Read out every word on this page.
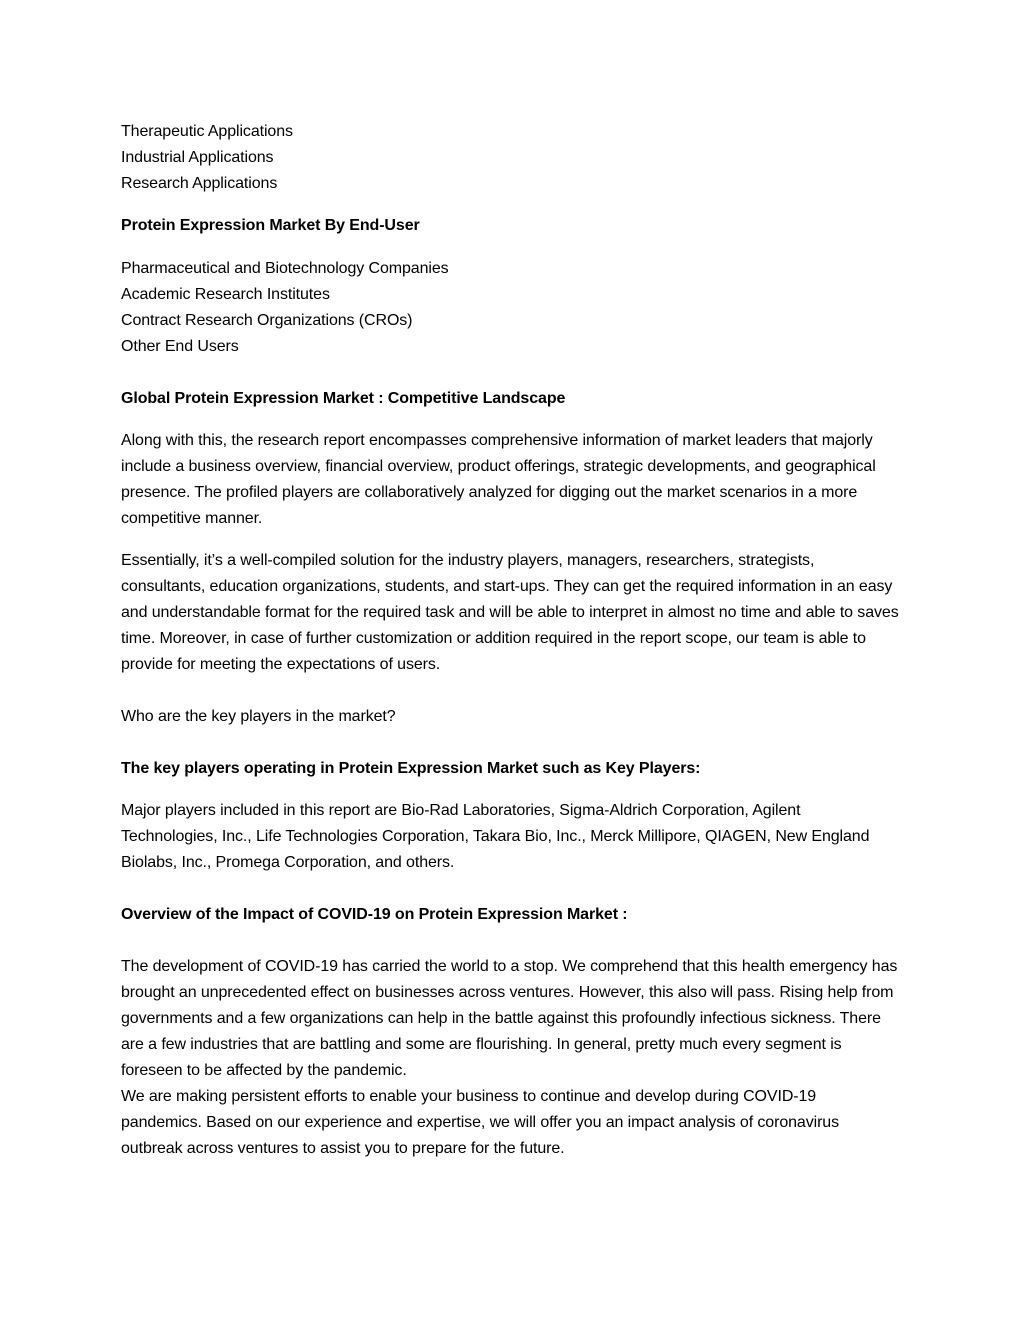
Therapeutic Applications

Industrial Applications

Research Applications

Protein Expression Market By End-User

Pharmaceutical and Biotechnology Companies

Academic Research Institutes

Contract Research Organizations (CROs)

Other End Users

Global Protein Expression Market : Competitive Landscape

Along with this, the research report encompasses comprehensive information of market leaders that majorly include a business overview, financial overview, product offerings, strategic developments, and geographical presence. The profiled players are collaboratively analyzed for digging out the market scenarios in a more competitive manner.

Essentially, it’s a well-compiled solution for the industry players, managers, researchers, strategists, consultants, education organizations, students, and start-ups. They can get the required information in an easy and understandable format for the required task and will be able to interpret in almost no time and able to saves time. Moreover, in case of further customization or addition required in the report scope, our team is able to provide for meeting the expectations of users.

Who are the key players in the market?

The key players operating in Protein Expression Market such as Key Players:

Major players included in this report are Bio-Rad Laboratories, Sigma-Aldrich Corporation, Agilent Technologies, Inc., Life Technologies Corporation, Takara Bio, Inc., Merck Millipore, QIAGEN, New England Biolabs, Inc., Promega Corporation, and others.

Overview of the Impact of COVID-19 on Protein Expression Market :

The development of COVID-19 has carried the world to a stop. We comprehend that this health emergency has brought an unprecedented effect on businesses across ventures. However, this also will pass. Rising help from governments and a few organizations can help in the battle against this profoundly infectious sickness. There are a few industries that are battling and some are flourishing. In general, pretty much every segment is foreseen to be affected by the pandemic.

We are making persistent efforts to enable your business to continue and develop during COVID-19 pandemics. Based on our experience and expertise, we will offer you an impact analysis of coronavirus outbreak across ventures to assist you to prepare for the future.
